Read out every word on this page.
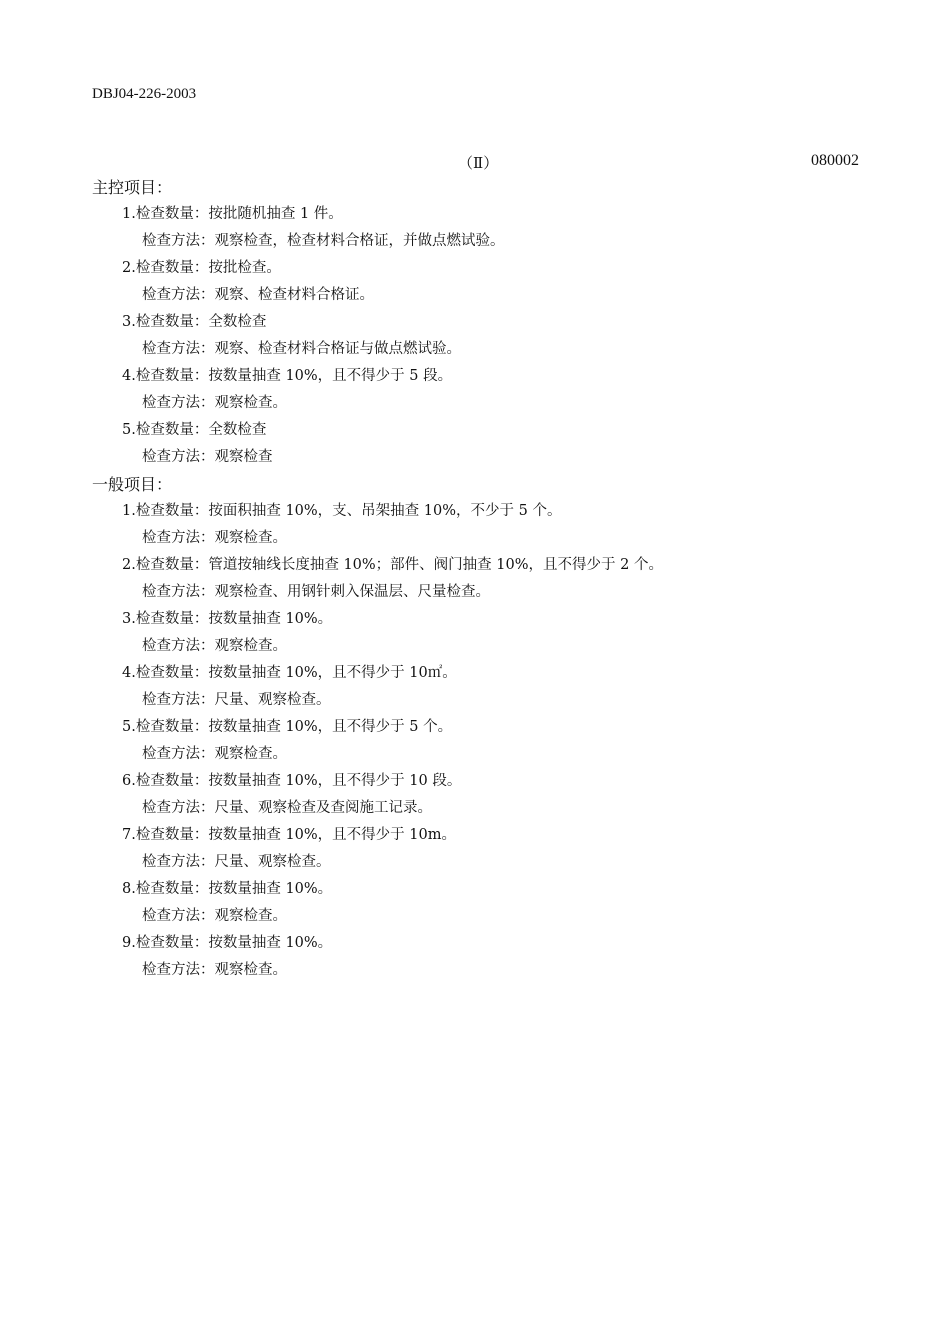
DBJ04-226-2003
（Ⅱ）	080002
主控项目：
1.检查数量：按批随机抽查 1 件。
检查方法：观察检查，检查材料合格证，并做点燃试验。
2.检查数量：按批检查。
检查方法：观察、检查材料合格证。
3.检查数量：全数检查
检查方法：观察、检查材料合格证与做点燃试验。
4.检查数量：按数量抽查 10%，且不得少于 5 段。
检查方法：观察检查。
5.检查数量：全数检查
检查方法：观察检查
一般项目：
1.检查数量：按面积抽查 10%，支、吊架抽查 10%，不少于 5 个。
检查方法：观察检查。
2.检查数量：管道按轴线长度抽查 10%；部件、阀门抽查 10%，且不得少于 2 个。
检查方法：观察检查、用钢针刺入保温层、尺量检查。
3.检查数量：按数量抽查 10%。
检查方法：观察检查。
4.检查数量：按数量抽查 10%，且不得少于 10㎡。
检查方法：尺量、观察检查。
5.检查数量：按数量抽查 10%，且不得少于 5 个。
检查方法：观察检查。
6.检查数量：按数量抽查 10%，且不得少于 10 段。
检查方法：尺量、观察检查及查阅施工记录。
7.检查数量：按数量抽查 10%，且不得少于 10m。
检查方法：尺量、观察检查。
8.检查数量：按数量抽查 10%。
检查方法：观察检查。
9.检查数量：按数量抽查 10%。
检查方法：观察检查。
